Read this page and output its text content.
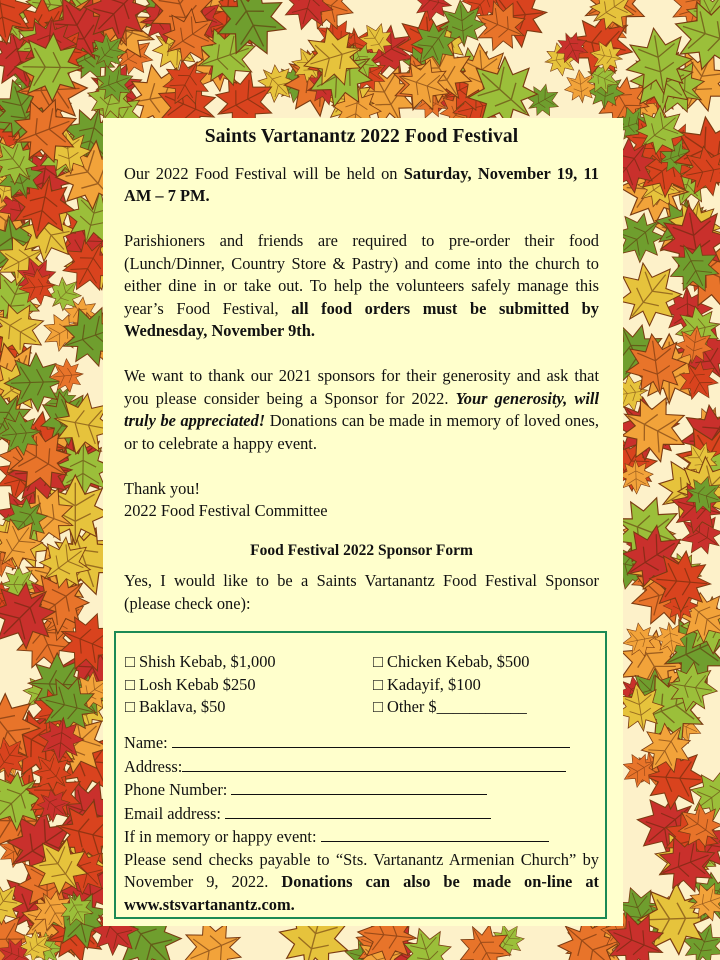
Saints Vartanantz 2022 Food Festival

Our 2022 Food Festival will be held on Saturday, November 19, 11 AM – 7 PM.

Parishioners and friends are required to pre-order their food (Lunch/Dinner, Country Store & Pastry) and come into the church to either dine in or take out. To help the volunteers safely manage this year’s Food Festival, all food orders must be submitted by Wednesday, November 9th.

We want to thank our 2021 sponsors for their generosity and ask that you please consider being a Sponsor for 2022. Your generosity, will truly be appreciated! Donations can be made in memory of loved ones, or to celebrate a happy event.

Thank you!

2022 Food Festival Committee

Food Festival 2022 Sponsor Form

Yes, I would like to be a Saints Vartanantz Food Festival Sponsor (please check one):

□ Shish Kebab, $1,000	□ Chicken Kebab, $500
□ Losh Kebab $250	□ Kadayif, $100
□ Baklava, $50	□ Other $___________
Name:
Address:
Phone Number:
Email address:
If in memory or happy event:

Please send checks payable to “Sts. Vartanantz Armenian Church” by November 9, 2022. Donations can also be made on-line at www.stsvartanantz.com.
